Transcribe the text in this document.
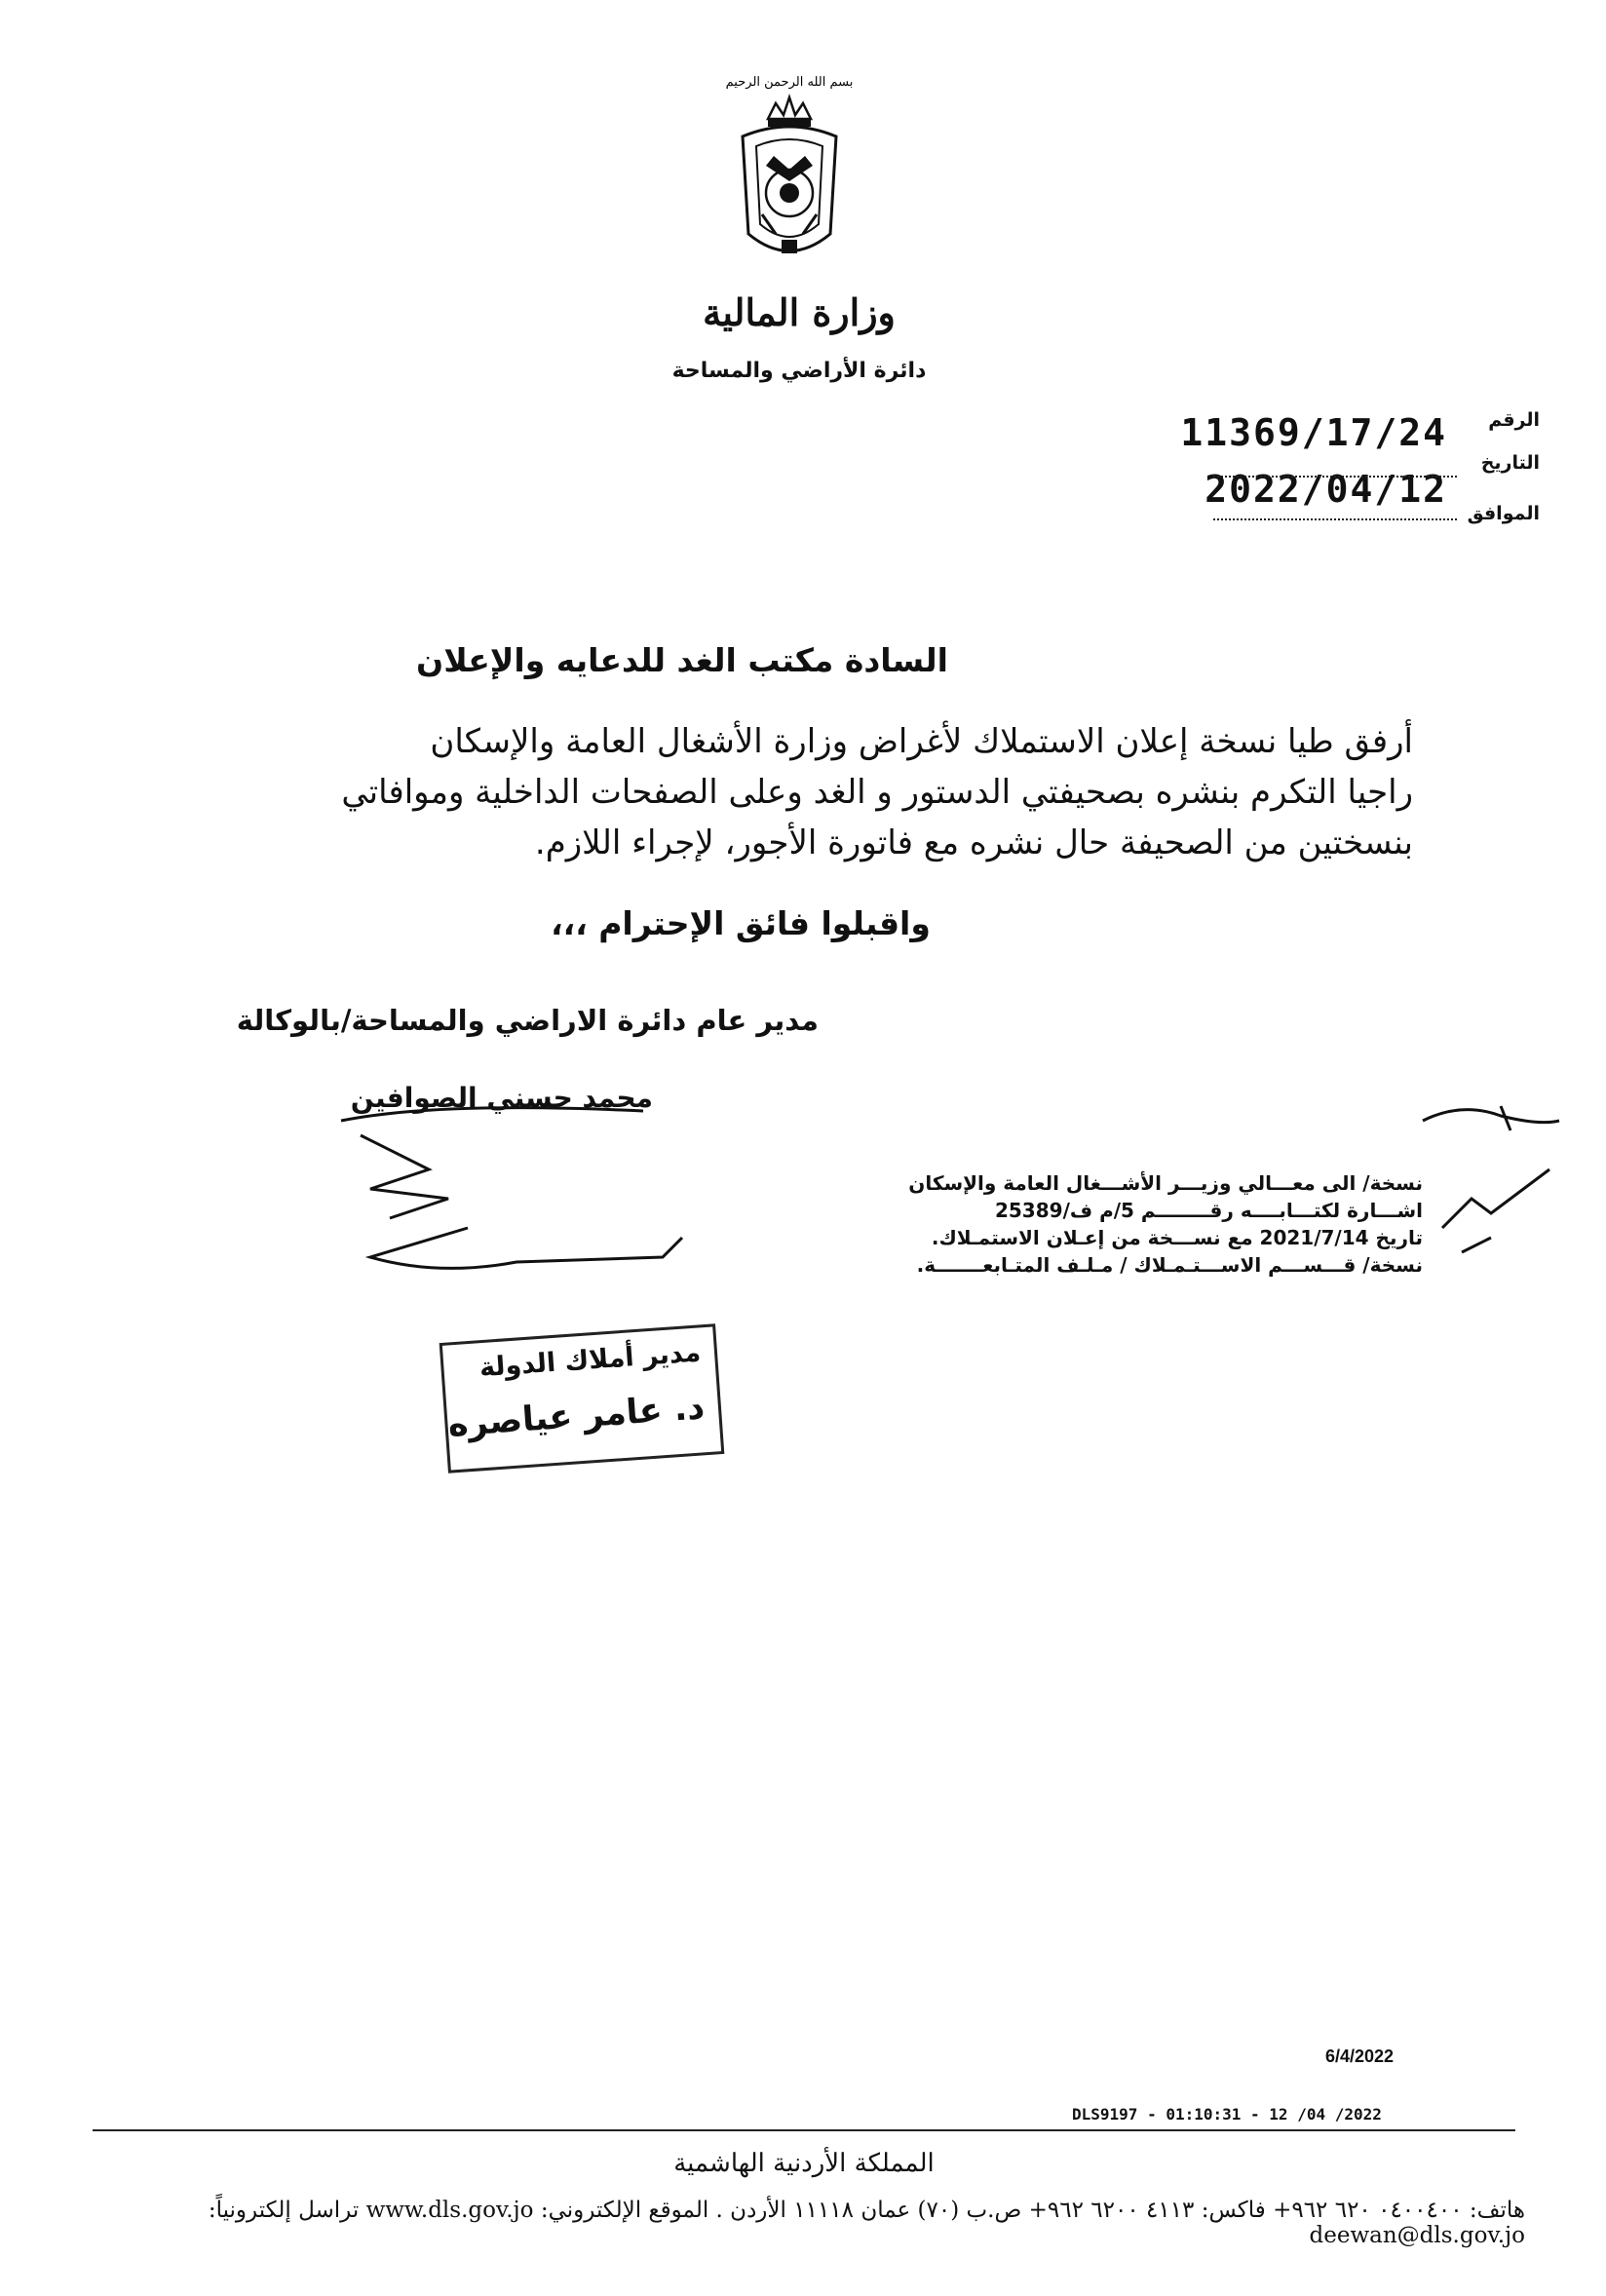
بسم الله الرحمن الرحيم
وزارة المالية
دائرة الأراضي والمساحة
الرقم
11369/17/24
التاريخ
2022/04/12
الموافق
السادة مكتب الغد للدعايه والإعلان
أرفق طيا نسخة إعلان الاستملاك لأغراض وزارة الأشغال العامة والإسكان
راجيا التكرم بنشره بصحيفتي الدستور و الغد وعلى الصفحات الداخلية وموافاتي
بنسختين من الصحيفة حال نشره مع فاتورة الأجور، لإجراء اللازم.
واقبلوا فائق الإحترام ،،،
مدير عام دائرة الاراضي والمساحة/بالوكالة
محمد حسني الصوافين
نسخة/ الى معـــالي وزيـــر الأشـــغال العامة والإسكان
اشـــارة لكتـــابــــه رقــــــــم 5/م ف/25389
تاريخ 2021/7/14 مع نســـخة من إعـلان الاستمـلاك.
نسخة/ قـــســـم الاســـتـمـلاك / مـلـف المتـابعـــــــة.
مدير أملاك الدولة
د. عامر عياصره
6/4/2022
DLS9197 - 01:10:31 - 12 /04 /2022
المملكة الأردنية الهاشمية
هاتف: ٠٤٠٠٤٠٠ ٦٢٠ ٩٦٢+ فاكس: ٤١١٣ ٦٢٠٠ ٩٦٢+ ص.ب (٧٠) عمان ١١١١٨ الأردن . الموقع الإلكتروني: www.dls.gov.jo تراسل إلكترونياً: deewan@dls.gov.jo
